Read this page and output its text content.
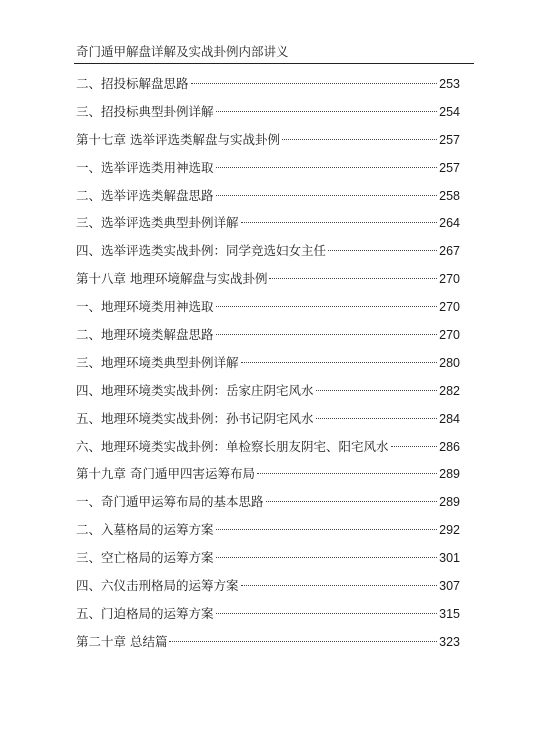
奇门遁甲解盘详解及实战卦例内部讲义
二、招投标解盘思路	253
三、招投标典型卦例详解	254
第十七章 选举评选类解盘与实战卦例	257
一、选举评选类用神选取	257
二、选举评选类解盘思路	258
三、选举评选类典型卦例详解	264
四、选举评选类实战卦例：同学竞选妇女主任	267
第十八章 地理环境解盘与实战卦例	270
一、地理环境类用神选取	270
二、地理环境类解盘思路	270
三、地理环境类典型卦例详解	280
四、地理环境类实战卦例：岳家庄阴宅风水	282
五、地理环境类实战卦例：孙书记阴宅风水	284
六、地理环境类实战卦例：单检察长朋友阴宅、阳宅风水	286
第十九章 奇门遁甲四害运筹布局	289
一、奇门遁甲运筹布局的基本思路	289
二、入墓格局的运筹方案	292
三、空亡格局的运筹方案	301
四、六仪击刑格局的运筹方案	307
五、门迫格局的运筹方案	315
第二十章 总结篇	323
